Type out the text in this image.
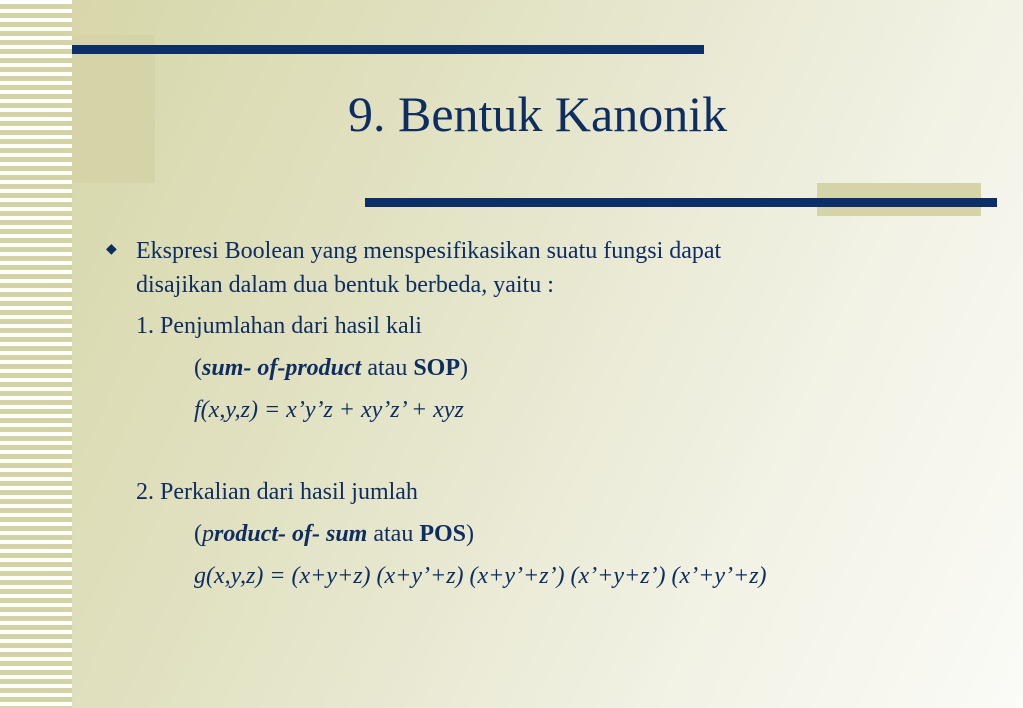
9. Bentuk Kanonik
◆ Ekspresi Boolean yang menspesifikasikan suatu fungsi dapat
disajikan dalam dua bentuk berbeda, yaitu :
1. Penjumlahan dari hasil kali
(sum- of-product atau SOP)
f(x,y,z) = x’y’z + xy’z’ + xyz
2. Perkalian dari hasil jumlah
(product- of- sum atau POS)
g(x,y,z) = (x+y+z) (x+y’+z) (x+y’+z’) (x’+y+z’) (x’+y’+z)
